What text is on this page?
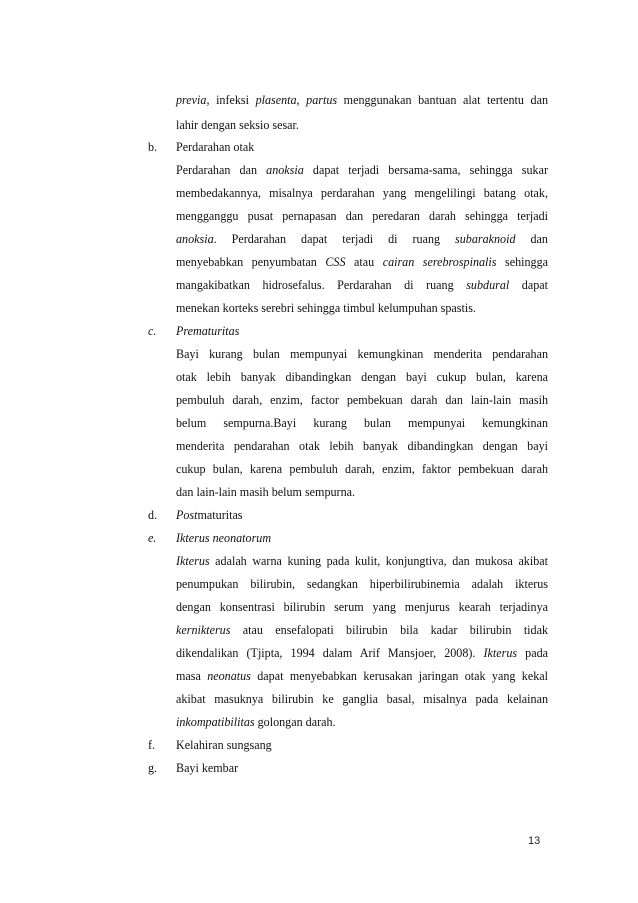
previa, infeksi plasenta, partus menggunakan bantuan alat tertentu dan
lahir dengan seksio sesar.
b. Perdarahan otak
Perdarahan dan anoksia dapat terjadi bersama-sama, sehingga sukar
membedakannya, misalnya perdarahan yang mengelilingi batang otak,
mengganggu pusat pernapasan dan peredaran darah sehingga terjadi
anoksia. Perdarahan dapat terjadi di ruang subaraknoid dan
menyebabkan penyumbatan CSS atau cairan serebrospinalis sehingga
mangakibatkan hidrosefalus. Perdarahan di ruang subdural dapat
menekan korteks serebri sehingga timbul kelumpuhan spastis.
c. Prematuritas
Bayi kurang bulan mempunyai kemungkinan menderita pendarahan
otak lebih banyak dibandingkan dengan bayi cukup bulan, karena
pembuluh darah, enzim, factor pembekuan darah dan lain-lain masih
belum sempurna.Bayi kurang bulan mempunyai kemungkinan
menderita pendarahan otak lebih banyak dibandingkan dengan bayi
cukup bulan, karena pembuluh darah, enzim, faktor pembekuan darah
dan lain-lain masih belum sempurna.
d. Postmaturitas
e. Ikterus neonatorum
Ikterus adalah warna kuning pada kulit, konjungtiva, dan mukosa akibat
penumpukan bilirubin, sedangkan hiperbilirubinemia adalah ikterus
dengan konsentrasi bilirubin serum yang menjurus kearah terjadinya
kernikterus atau ensefalopati bilirubin bila kadar bilirubin tidak
dikendalikan (Tjipta, 1994 dalam Arif Mansjoer, 2008). Ikterus pada
masa neonatus dapat menyebabkan kerusakan jaringan otak yang kekal
akibat masuknya bilirubin ke ganglia basal, misalnya pada kelainan
inkompatibilitas golongan darah.
f. Kelahiran sungsang
g. Bayi kembar
13
